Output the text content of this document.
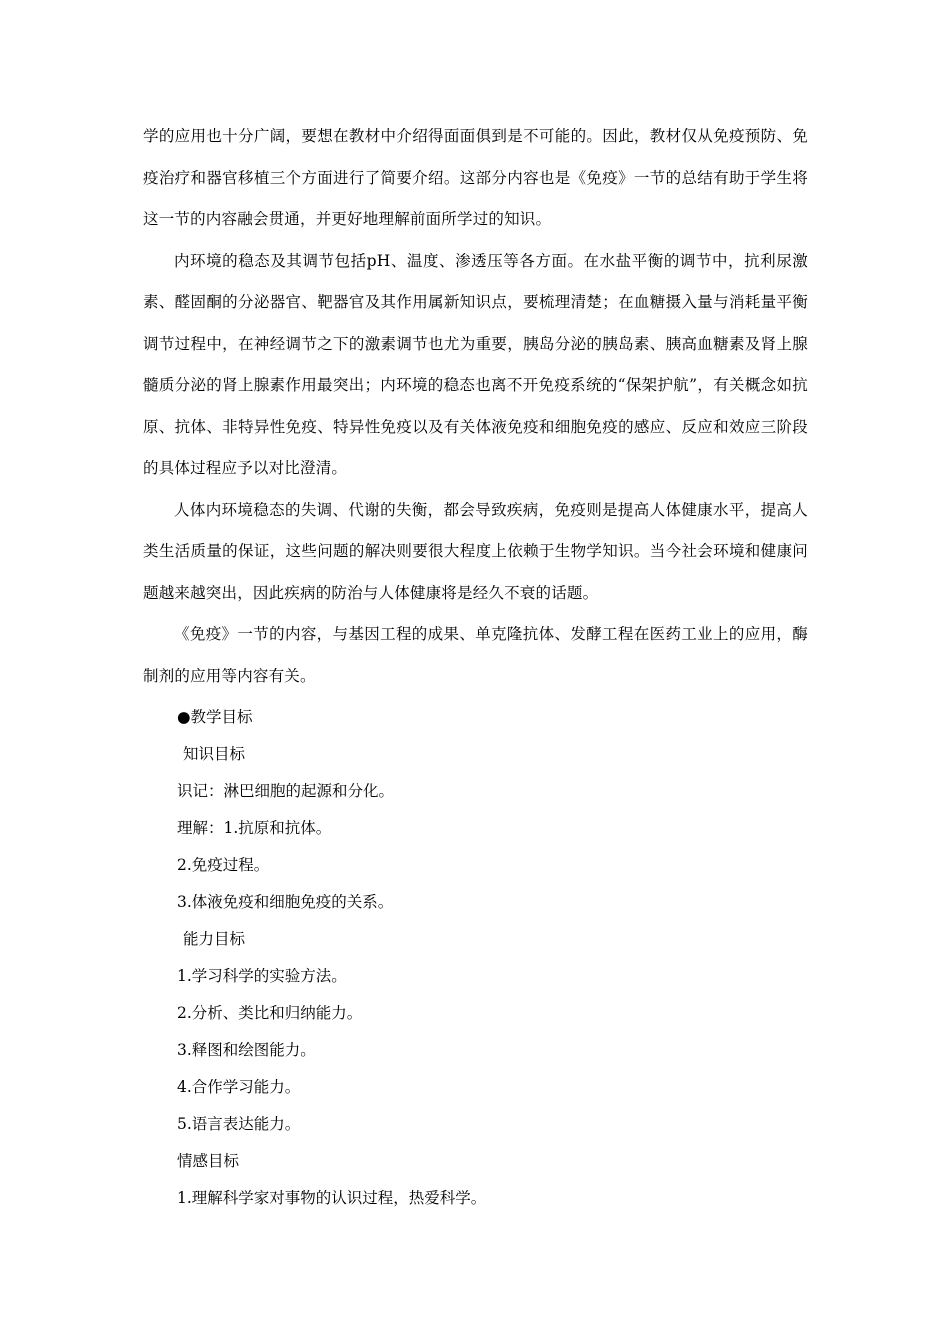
学的应用也十分广阔，要想在教材中介绍得面面俱到是不可能的。因此，教材仅从免疫预防、免疫治疗和器官移植三个方面进行了简要介绍。这部分内容也是《免疫》一节的总结有助于学生将这一节的内容融会贯通，并更好地理解前面所学过的知识。

内环境的稳态及其调节包括pH、温度、渗透压等各方面。在水盐平衡的调节中，抗利尿激素、醛固酮的分泌器官、靶器官及其作用属新知识点，要梳理清楚；在血糖摄入量与消耗量平衡调节过程中，在神经调节之下的激素调节也尤为重要，胰岛分泌的胰岛素、胰高血糖素及肾上腺髓质分泌的肾上腺素作用最突出；内环境的稳态也离不开免疫系统的“保架护航”，有关概念如抗原、抗体、非特异性免疫、特异性免疫以及有关体液免疫和细胞免疫的感应、反应和效应三阶段的具体过程应予以对比澄清。

人体内环境稳态的失调、代谢的失衡，都会导致疾病，免疫则是提高人体健康水平，提高人类生活质量的保证，这些问题的解决则要很大程度上依赖于生物学知识。当今社会环境和健康问题越来越突出，因此疾病的防治与人体健康将是经久不衰的话题。

《免疫》一节的内容，与基因工程的成果、单克隆抗体、发酵工程在医药工业上的应用，酶制剂的应用等内容有关。

●教学目标
知识目标
识记：淋巴细胞的起源和分化。
理解：1.抗原和抗体。
2.免疫过程。
3.体液免疫和细胞免疫的关系。
能力目标
1.学习科学的实验方法。
2.分析、类比和归纳能力。
3.释图和绘图能力。
4.合作学习能力。
5.语言表达能力。
情感目标
1.理解科学家对事物的认识过程，热爱科学。
